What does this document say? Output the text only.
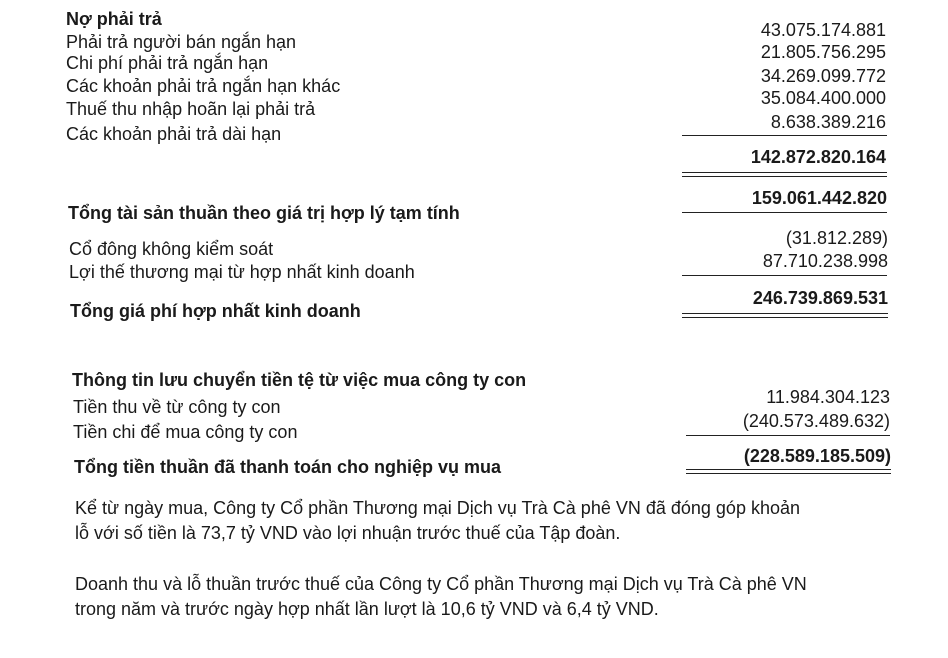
Nợ phải trả
Phải trả người bán ngắn hạn
43.075.174.881
Chi phí phải trả ngắn hạn
21.805.756.295
Các khoản phải trả ngắn hạn khác	34.269.099.772
Thuế thu nhập hoãn lại phải trả
35.084.400.000
Các khoản phải trả dài hạn
8.638.389.216
142.872.820.164
Tổng tài sản thuần theo giá trị hợp lý tạm tính
159.061.442.820
Cổ đông không kiểm soát
(31.812.289)
Lợi thế thương mại từ hợp nhất kinh doanh
87.710.238.998
Tổng giá phí hợp nhất kinh doanh
246.739.869.531
Thông tin lưu chuyển tiền tệ từ việc mua công ty con
Tiền thu về từ công ty con	11.984.304.123
Tiền chi để mua công ty con
(240.573.489.632)
Tổng tiền thuần đã thanh toán cho nghiệp vụ mua
(228.589.185.509)
Kể từ ngày mua, Công ty Cổ phần Thương mại Dịch vụ Trà Cà phê VN đã đóng góp khoản
lỗ với số tiền là 73,7 tỷ VND vào lợi nhuận trước thuế của Tập đoàn.
Doanh thu và lỗ thuần trước thuế của Công ty Cổ phần Thương mại Dịch vụ Trà Cà phê VN
trong năm và trước ngày hợp nhất lần lượt là 10,6 tỷ VND và 6,4 tỷ VND.
